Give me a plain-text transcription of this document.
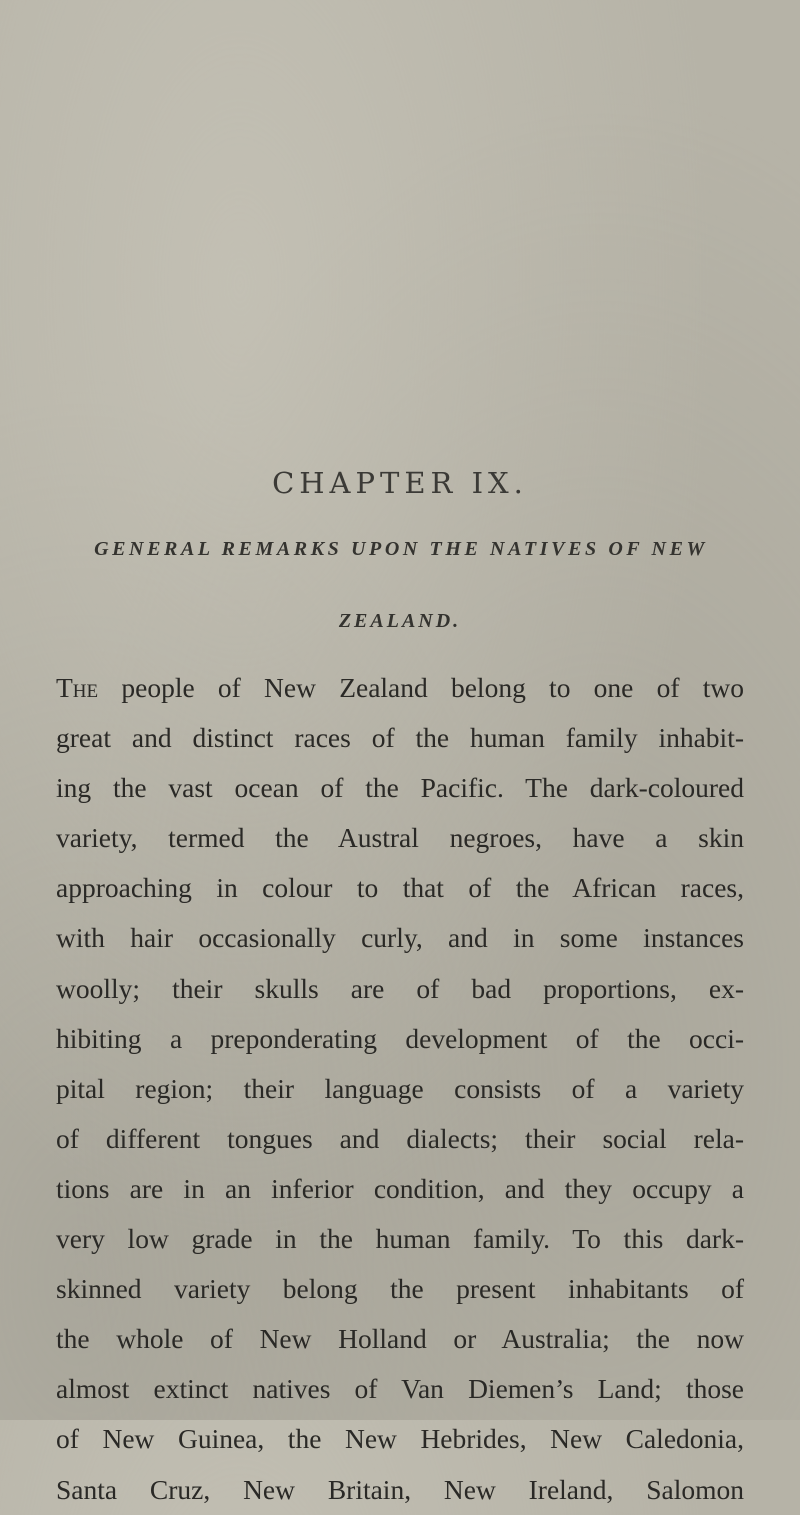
CHAPTER IX.
GENERAL REMARKS UPON THE NATIVES OF NEW
ZEALAND.

The people of New Zealand belong to one of two
great and distinct races of the human family inhabit-
ing the vast ocean of the Pacific. The dark-coloured
variety, termed the Austral negroes, have a skin
approaching in colour to that of the African races,
with hair occasionally curly, and in some instances
woolly; their skulls are of bad proportions, ex-
hibiting a preponderating development of the occi-
pital region; their language consists of a variety
of different tongues and dialects; their social rela-
tions are in an inferior condition, and they occupy a
very low grade in the human family. To this dark-
skinned variety belong the present inhabitants of
the whole of New Holland or Australia; the now
almost extinct natives of Van Diemen’s Land; those
of New Guinea, the New Hebrides, New Caledonia,
Santa Cruz, New Britain, New Ireland, Salomon
